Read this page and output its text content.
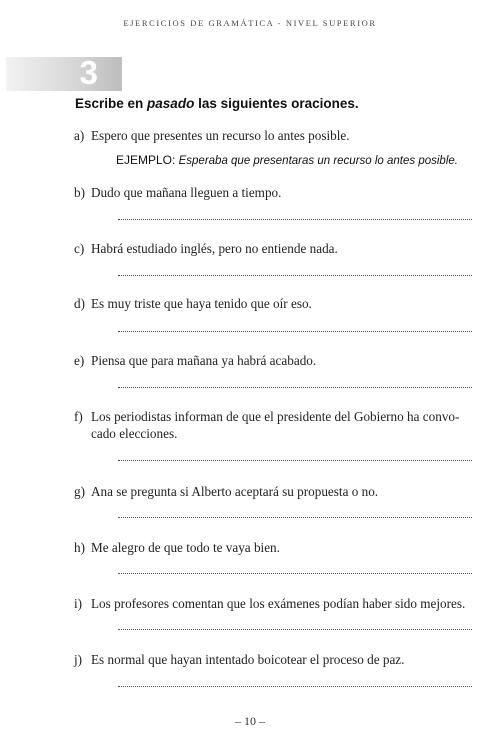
EJERCICIOS DE GRAMÁTICA - NIVEL SUPERIOR
3
Escribe en pasado las siguientes oraciones.
a) Espero que presentes un recurso lo antes posible.
EJEMPLO: Esperaba que presentaras un recurso lo antes posible.
b) Dudo que mañana lleguen a tiempo.
c) Habrá estudiado inglés, pero no entiende nada.
d) Es muy triste que haya tenido que oír eso.
e) Piensa que para mañana ya habrá acabado.
f) Los periodistas informan de que el presidente del Gobierno ha convo-
cado elecciones.
g) Ana se pregunta si Alberto aceptará su propuesta o no.
h) Me alegro de que todo te vaya bien.
i) Los profesores comentan que los exámenes podían haber sido mejores.
j) Es normal que hayan intentado boicotear el proceso de paz.
– 10 –
